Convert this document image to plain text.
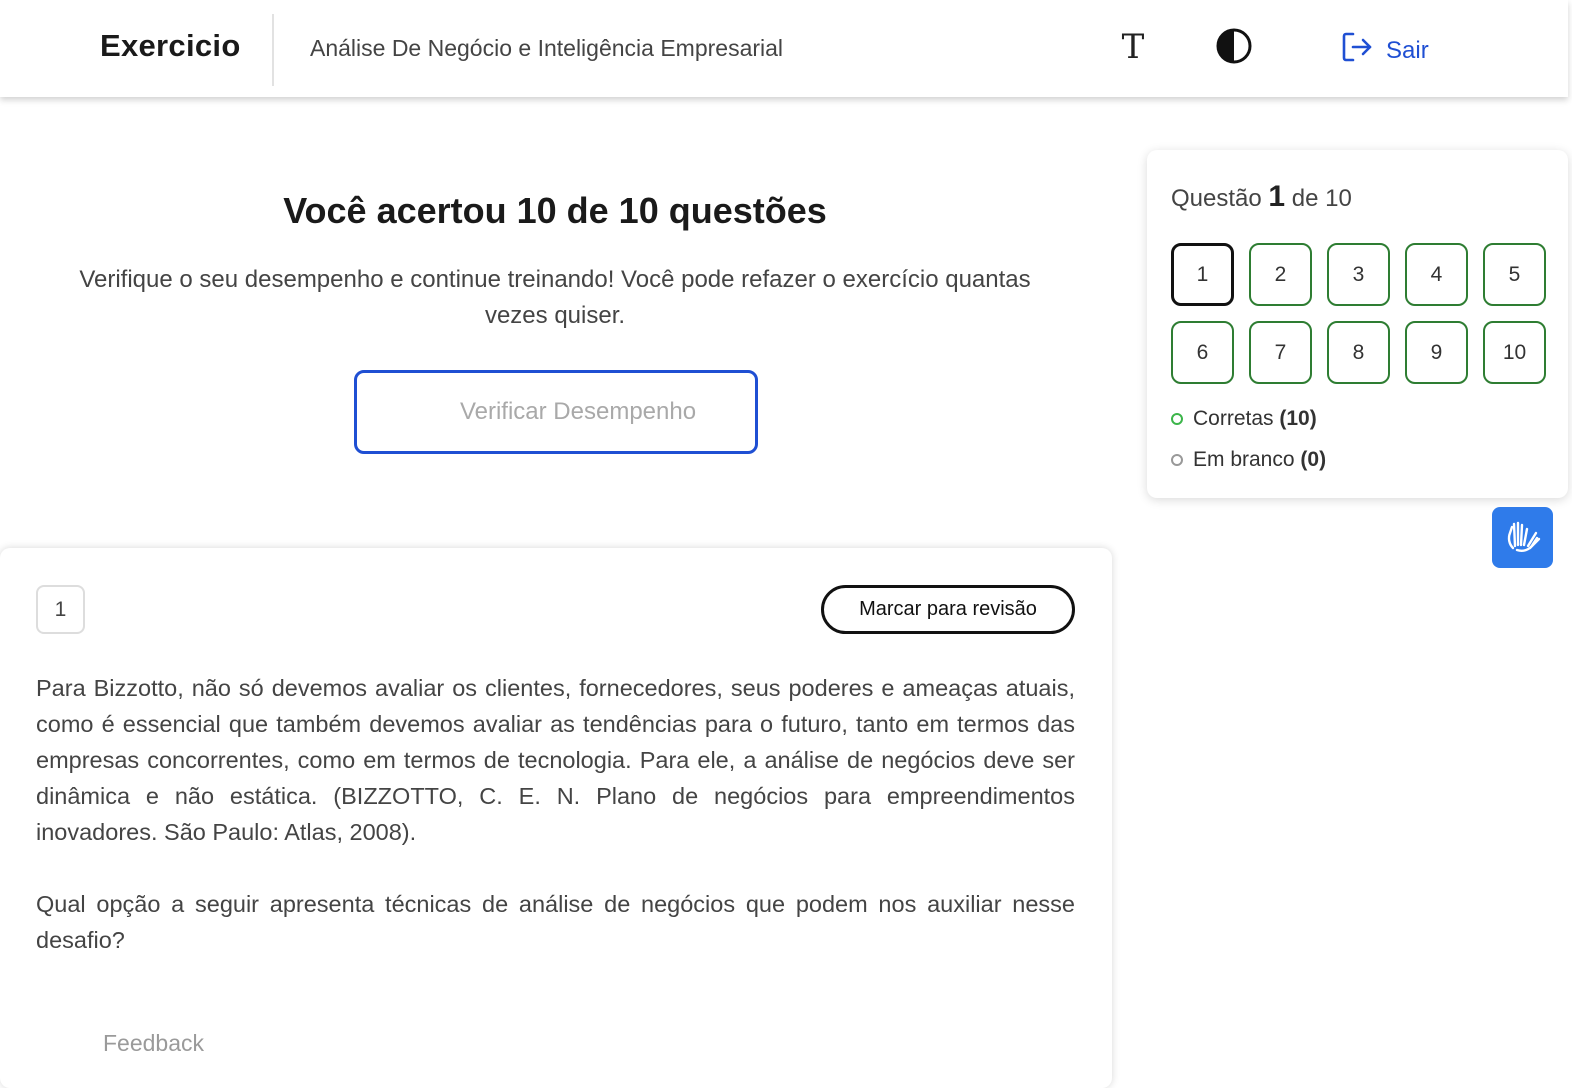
Exercicio	Análise De Negócio e Inteligência Empresarial	T	Sair
Você acertou 10 de 10 questões

Verifique o seu desempenho e continue treinando! Você pode refazer o exercício quantas vezes quiser.

Verificar Desempenho
Questão 1 de 10
1	2	3	4	5
6	7	8	9	10
Corretas (10)
Em branco (0)
1	Marcar para revisão

Para Bizzotto, não só devemos avaliar os clientes, fornecedores, seus poderes e ameaças atuais, como é essencial que também devemos avaliar as tendências para o futuro, tanto em termos das empresas concorrentes, como em termos de tecnologia. Para ele, a análise de negócios deve ser dinâmica e não estática. (BIZZOTTO, C. E. N. Plano de negócios para empreendimentos inovadores. São Paulo: Atlas, 2008).

Qual opção a seguir apresenta técnicas de análise de negócios que podem nos auxiliar nesse desafio?

Feedback
